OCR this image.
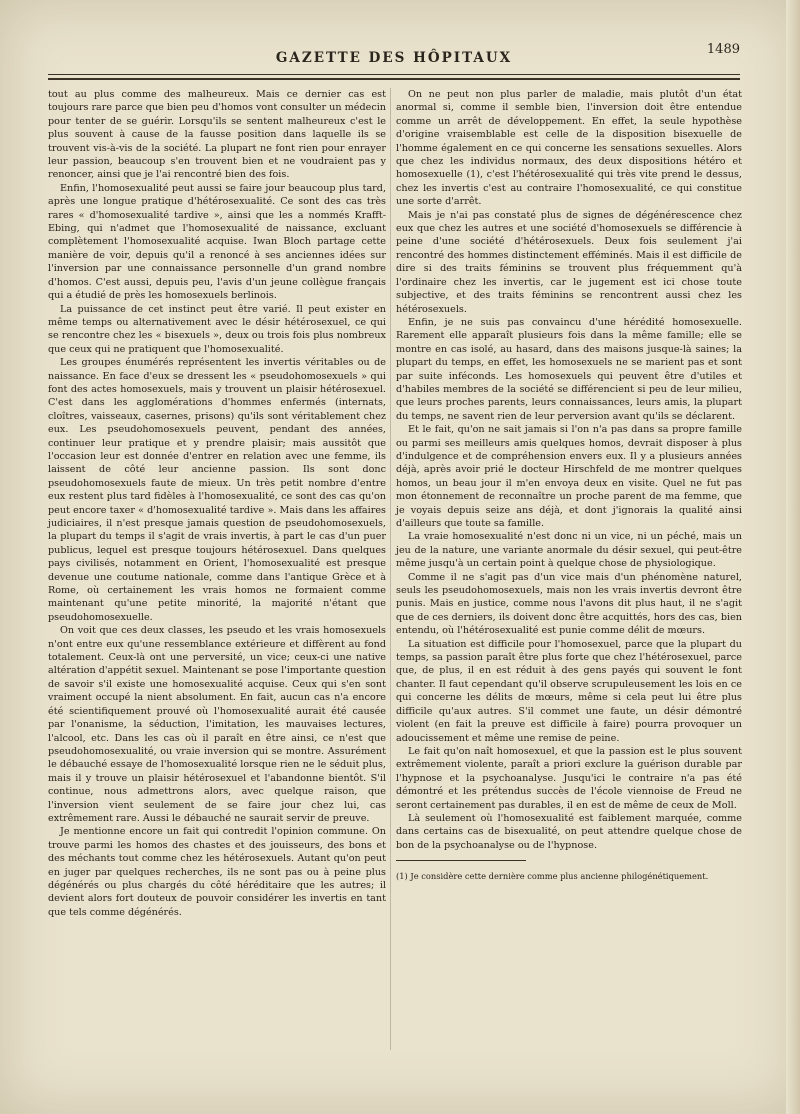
GAZETTE DES HÔPITAUX
1489

tout au plus comme des malheureux. Mais ce dernier cas est toujours rare parce que bien peu d'homos vont consulter un médecin pour tenter de se guérir. Lorsqu'ils se sentent malheureux c'est le plus souvent à cause de la fausse position dans laquelle ils se trouvent vis-à-vis de la société. La plupart ne font rien pour enrayer leur passion, beaucoup s'en trouvent bien et ne voudraient pas y renoncer, ainsi que je l'ai rencontré bien des fois.

Enfin, l'homosexualité peut aussi se faire jour beaucoup plus tard, après une longue pratique d'hétérosexualité. Ce sont des cas très rares « d'homosexualité tardive », ainsi que les a nommés Krafft-Ebing, qui n'admet que l'homosexualité de naissance, excluant complètement l'homosexualité acquise. Iwan Bloch partage cette manière de voir, depuis qu'il a renoncé à ses anciennes idées sur l'inversion par une connaissance personnelle d'un grand nombre d'homos. C'est aussi, depuis peu, l'avis d'un jeune collègue français qui a étudié de près les homosexuels berlinois.

La puissance de cet instinct peut être varié. Il peut exister en même temps ou alternativement avec le désir hétérosexuel, ce qui se rencontre chez les « bisexuels », deux ou trois fois plus nombreux que ceux qui ne pratiquent que l'homosexualité.

Les groupes énumérés représentent les invertis véritables ou de naissance. En face d'eux se dressent les « pseudohomosexuels » qui font des actes homosexuels, mais y trouvent un plaisir hétérosexuel. C'est dans les agglomérations d'hommes enfermés (internats, cloîtres, vaisseaux, casernes, prisons) qu'ils sont véritablement chez eux. Les pseudohomosexuels peuvent, pendant des années, continuer leur pratique et y prendre plaisir; mais aussitôt que l'occasion leur est donnée d'entrer en relation avec une femme, ils laissent de côté leur ancienne passion. Ils sont donc pseudohomosexuels faute de mieux. Un très petit nombre d'entre eux restent plus tard fidèles à l'homosexualité, ce sont des cas qu'on peut encore taxer « d'homosexualité tardive ». Mais dans les affaires judiciaires, il n'est presque jamais question de pseudohomosexuels, la plupart du temps il s'agit de vrais invertis, à part le cas d'un puer publicus, lequel est presque toujours hétérosexuel. Dans quelques pays civilisés, notamment en Orient, l'homosexualité est presque devenue une coutume nationale, comme dans l'antique Grèce et à Rome, où certainement les vrais homos ne formaient comme maintenant qu'une petite minorité, la majorité n'étant que pseudohomosexuelle.

On voit que ces deux classes, les pseudo et les vrais homosexuels n'ont entre eux qu'une ressemblance extérieure et diffèrent au fond totalement. Ceux-là ont une perversité, un vice; ceux-ci une native altération d'appétit sexuel. Maintenant se pose l'importante question de savoir s'il existe une homosexualité acquise. Ceux qui s'en sont vraiment occupé la nient absolument. En fait, aucun cas n'a encore été scientifiquement prouvé où l'homosexualité aurait été causée par l'onanisme, la séduction, l'imitation, les mauvaises lectures, l'alcool, etc. Dans les cas où il paraît en être ainsi, ce n'est que pseudohomosexualité, ou vraie inversion qui se montre. Assurément le débauché essaye de l'homosexualité lorsque rien ne le séduit plus, mais il y trouve un plaisir hétérosexuel et l'abandonne bientôt. S'il continue, nous admettrons alors, avec quelque raison, que l'inversion vient seulement de se faire jour chez lui, cas extrêmement rare. Aussi le débauché ne saurait servir de preuve.

Je mentionne encore un fait qui contredit l'opinion commune. On trouve parmi les homos des chastes et des jouisseurs, des bons et des méchants tout comme chez les hétérosexuels. Autant qu'on peut en juger par quelques recherches, ils ne sont pas ou à peine plus dégénérés ou plus chargés du côté héréditaire que les autres; il devient alors fort douteux de pouvoir considérer les invertis en tant que tels comme dégénérés.

On ne peut non plus parler de maladie, mais plutôt d'un état anormal si, comme il semble bien, l'inversion doit être entendue comme un arrêt de développement. En effet, la seule hypothèse d'origine vraisemblable est celle de la disposition bisexuelle de l'homme également en ce qui concerne les sensations sexuelles. Alors que chez les individus normaux, des deux dispositions hétéro et homosexuelle (1), c'est l'hétérosexualité qui très vite prend le dessus, chez les invertis c'est au contraire l'homosexualité, ce qui constitue une sorte d'arrêt.

Mais je n'ai pas constaté plus de signes de dégénérescence chez eux que chez les autres et une société d'homosexuels se différencie à peine d'une société d'hétérosexuels. Deux fois seulement j'ai rencontré des hommes distinctement efféminés. Mais il est difficile de dire si des traits féminins se trouvent plus fréquemment qu'à l'ordinaire chez les invertis, car le jugement est ici chose toute subjective, et des traits féminins se rencontrent aussi chez les hétérosexuels.

Enfin, je ne suis pas convaincu d'une hérédité homosexuelle. Rarement elle apparaît plusieurs fois dans la même famille; elle se montre en cas isolé, au hasard, dans des maisons jusque-là saines; la plupart du temps, en effet, les homosexuels ne se marient pas et sont par suite inféconds. Les homosexuels qui peuvent être d'utiles et d'habiles membres de la société se différencient si peu de leur milieu, que leurs proches parents, leurs connaissances, leurs amis, la plupart du temps, ne savent rien de leur perversion avant qu'ils se déclarent.

Et le fait, qu'on ne sait jamais si l'on n'a pas dans sa propre famille ou parmi ses meilleurs amis quelques homos, devrait disposer à plus d'indulgence et de compréhension envers eux. Il y a plusieurs années déjà, après avoir prié le docteur Hirschfeld de me montrer quelques homos, un beau jour il m'en envoya deux en visite. Quel ne fut pas mon étonnement de reconnaître un proche parent de ma femme, que je voyais depuis seize ans déjà, et dont j'ignorais la qualité ainsi d'ailleurs que toute sa famille.

La vraie homosexualité n'est donc ni un vice, ni un péché, mais un jeu de la nature, une variante anormale du désir sexuel, qui peut-être même jusqu'à un certain point à quelque chose de physiologique.

Comme il ne s'agit pas d'un vice mais d'un phénomène naturel, seuls les pseudohomosexuels, mais non les vrais invertis devront être punis. Mais en justice, comme nous l'avons dit plus haut, il ne s'agit que de ces derniers, ils doivent donc être acquittés, hors des cas, bien entendu, où l'hétérosexualité est punie comme délit de mœurs.

La situation est difficile pour l'homosexuel, parce que la plupart du temps, sa passion paraît être plus forte que chez l'hétérosexuel, parce que, de plus, il en est réduit à des gens payés qui souvent le font chanter. Il faut cependant qu'il observe scrupuleusement les lois en ce qui concerne les délits de mœurs, même si cela peut lui être plus difficile qu'aux autres. S'il commet une faute, un désir démontré violent (en fait la preuve est difficile à faire) pourra provoquer un adoucissement et même une remise de peine.

Le fait qu'on naît homosexuel, et que la passion est le plus souvent extrêmement violente, paraît a priori exclure la guérison durable par l'hypnose et la psychoanalyse. Jusqu'ici le contraire n'a pas été démontré et les prétendus succès de l'école viennoise de Freud ne seront certainement pas durables, il en est de même de ceux de Moll.

Là seulement où l'homosexualité est faiblement marquée, comme dans certains cas de bisexualité, on peut attendre quelque chose de bon de la psychoanalyse ou de l'hypnose.

(1) Je considère cette dernière comme plus ancienne philogénétiquement.
